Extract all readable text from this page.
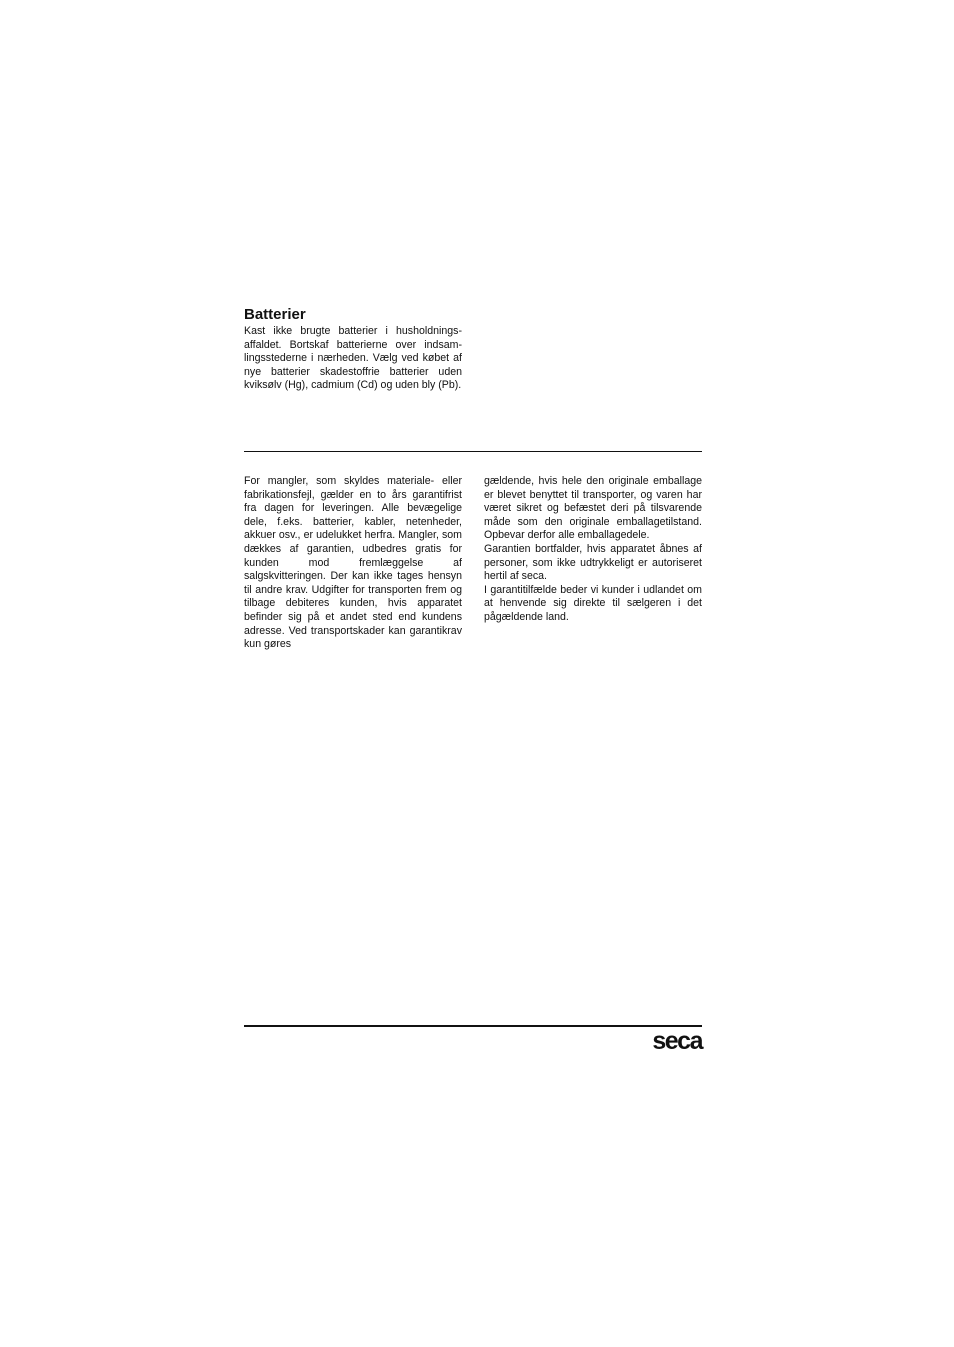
Batterier

Kast ikke brugte batterier i husholdningsaffaldet. Bortskaf batterierne over indsamlingsstederne i nærheden. Vælg ved købet af nye batterier skadestoffrie batterier uden kviksølv (Hg), cadmium (Cd) og uden bly (Pb).

For mangler, som skyldes materiale- eller fabrikationsfejl, gælder en to års garantifrist fra dagen for leveringen. Alle bevægelige dele, f.eks. batterier, kabler, netenheder, akkuer osv., er udelukket herfra. Mangler, som dækkes af garantien, udbedres gratis for kunden mod fremlæggelse af salgskvitteringen. Der kan ikke tages hensyn til andre krav. Udgifter for transporten frem og tilbage debiteres kunden, hvis apparatet befinder sig på et andet sted end kundens adresse. Ved transportskader kan garantikrav kun gøres

gældende, hvis hele den originale emballage er blevet benyttet til transporter, og varen har været sikret og befæstet deri på tilsvarende måde som den originale emballagetilstand. Opbevar derfor alle emballagedele.

Garantien bortfalder, hvis apparatet åbnes af personer, som ikke udtrykkeligt er autoriseret hertil af seca.

I garantitilfælde beder vi kunder i udlandet om at henvende sig direkte til sælgeren i det pågældende land.

seca
